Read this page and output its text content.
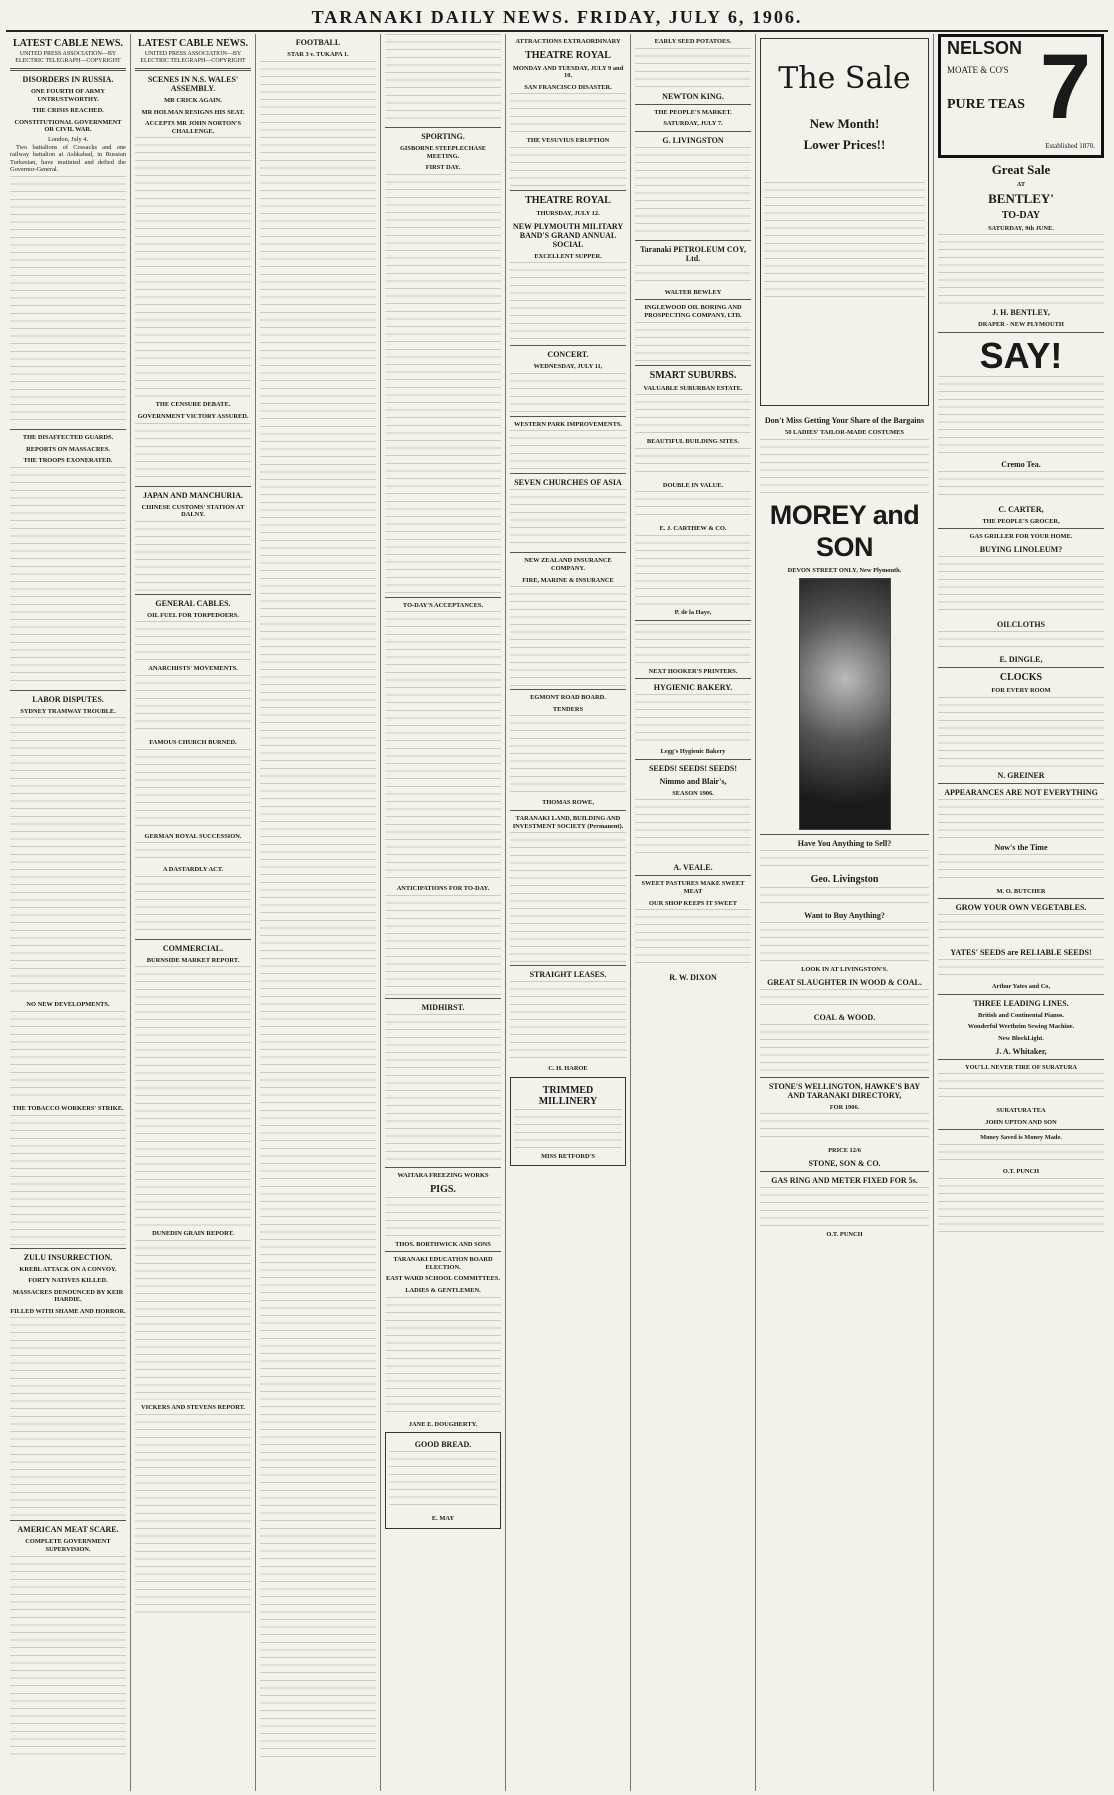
TARANAKI DAILY NEWS. FRIDAY, JULY 6, 1906.
LATEST CABLE NEWS.
UNITED PRESS ASSOCIATION—BY ELECTRIC TELEGRAPH—COPYRIGHT
DISORDERS IN RUSSIA.
ONE FOURTH OF ARMY UNTRUSTWORTHY.
THE CRISIS REACHED.
CONSTITUTIONAL GOVERNMENT OR CIVIL WAR.
London, July 4.

Two battalions of Cossacks and one railway battalion at Ashkabad, in Russian Turkestan, have mutinied and defied the Governor-General.

THE DISAFFECTED GUARDS.
REPORTS ON MASSACRES.
THE TROOPS EXONERATED.
LABOR DISPUTES.
SYDNEY TRAMWAY TROUBLE.
NO NEW DEVELOPMENTS.
THE TOBACCO WORKERS' STRIKE.
ZULU INSURRECTION.
KREBL ATTACK ON A CONVOY.
FORTY NATIVES KILLED.
MASSACRES DENOUNCED BY KEIR HARDIE.
FILLED WITH SHAME AND HORROR.
AMERICAN MEAT SCARE.
COMPLETE GOVERNMENT SUPERVISION.
LATEST CABLE NEWS.
UNITED PRESS ASSOCIATION—BY ELECTRIC TELEGRAPH—COPYRIGHT
SCENES IN N.S. WALES' ASSEMBLY.
MR CRICK AGAIN.
MR HOLMAN RESIGNS HIS SEAT.
ACCEPTS MR JOHN NORTON'S CHALLENGE.
THE CENSURE DEBATE.
GOVERNMENT VICTORY ASSURED.
JAPAN AND MANCHURIA.
CHINESE CUSTOMS' STATION AT DALNY.
GENERAL CABLES.
OIL FUEL FOR TORPEDOERS.
ANARCHISTS' MOVEMENTS.
FAMOUS CHURCH BURNED.
GERMAN ROYAL SUCCESSION.
A DASTARDLY ACT.
COMMERCIAL.
BURNSIDE MARKET REPORT.
DUNEDIN GRAIN REPORT.
VICKERS AND STEVENS REPORT.
FOOTBALL
STAR 3 v. TUKAPA 1.
SPORTING.
GISBORNE STEEPLECHASE MEETING.
FIRST DAY.
TO-DAY'S ACCEPTANCES.
ANTICIPATIONS FOR TO-DAY.
MIDHIRST.
WAITARA FREEZING WORKS
PIGS.
THOS. BORTHWICK AND SONS
TARANAKI EDUCATION BOARD ELECTION.
EAST WARD SCHOOL COMMITTEES.
LADIES & GENTLEMEN.
JANE E. DOUGHERTY.
GOOD BREAD.
E. MAY
ATTRACTIONS EXTRAORDINARY
THEATRE ROYAL
MONDAY AND TUESDAY, JULY 9 and 10.
SAN FRANCISCO DISASTER.
THE VESUVIUS ERUPTION
THEATRE ROYAL
THURSDAY, JULY 12.
NEW PLYMOUTH MILITARY BAND'S GRAND ANNUAL SOCIAL
EXCELLENT SUPPER.
CONCERT.
WEDNESDAY, JULY 11,
WESTERN PARK IMPROVEMENTS.
SEVEN CHURCHES OF ASIA
NEW ZEALAND INSURANCE COMPANY.
FIRE, MARINE & INSURANCE
EGMONT ROAD BOARD.
TENDERS
THOMAS ROWE,
TARANAKI LAND, BUILDING AND INVESTMENT SOCIETY (Permanent).
STRAIGHT LEASES.
C. H. HAROE
TRIMMED MILLINERY
MISS RETFORD'S
EARLY SEED POTATOES.
NEWTON KING.
THE PEOPLE'S MARKET.
SATURDAY, JULY 7.
G. LIVINGSTON
Taranaki PETROLEUM COY, Ltd.
WALTER BEWLEY
INGLEWOOD OIL BORING AND PROSPECTING COMPANY, LTD.
SMART SUBURBS.
VALUABLE SUBURBAN ESTATE.
BEAUTIFUL BUILDING SITES.
DOUBLE IN VALUE.
E. J. CARTHEW & CO.
P. de la Haye,
NEXT HOOKER'S PRINTERS.
HYGIENIC BAKERY.
Legg's Hygienic Bakery
SEEDS! SEEDS! SEEDS!
Nimmo and Blair's,
SEASON 1906.
A. VEALE.
SWEET PASTURES MAKE SWEET MEAT
OUR SHOP KEEPS IT SWEET
R. W. DIXON
The Sale
New Month!
Lower Prices!!
Don't Miss Getting Your Share of the Bargains
50 LADIES' TAILOR-MADE COSTUMES
MOREY and SON
DEVON STREET ONLY, New Plymouth.
Have You Anything to Sell?
Geo. Livingston
Want to Buy Anything?
LOOK IN AT LIVINGSTON'S.
GREAT SLAUGHTER IN WOOD & COAL.
COAL & WOOD.
STONE'S WELLINGTON, HAWKE'S BAY AND TARANAKI DIRECTORY,
FOR 1906.
PRICE 12/6
STONE, SON & CO.
GAS RING AND METER FIXED FOR 5s.
O.T. PUNCH
NELSON
MOATE & CO'S
PURE TEAS 7
Established 1870.
Great Sale
AT
BENTLEY'
TO-DAY
SATURDAY, 9th JUNE.
J. H. BENTLEY,
DRAPER - NEW PLYMOUTH
SAY!
Cremo Tea.
C. CARTER,
THE PEOPLE'S GROCER,
GAS GRILLER FOR YOUR HOME.
BUYING LINOLEUM?
OILCLOTHS
E. DINGLE,
CLOCKS
FOR EVERY ROOM
N. GREINER
APPEARANCES ARE NOT EVERYTHING
Now's the Time
M. O. BUTCHER
GROW YOUR OWN VEGETABLES.
YATES' SEEDS are RELIABLE SEEDS!
Arthur Yates and Co,
THREE LEADING LINES.
British and Continental Pianos.
Wonderful Wertheim Sewing Machine.
New BlockLight.
J. A. Whitaker,
YOU'LL NEVER TIRE OF SURATURA
SURATURA TEA
JOHN UPTON AND SON
Money Saved is Money Made.
O.T. PUNCH
